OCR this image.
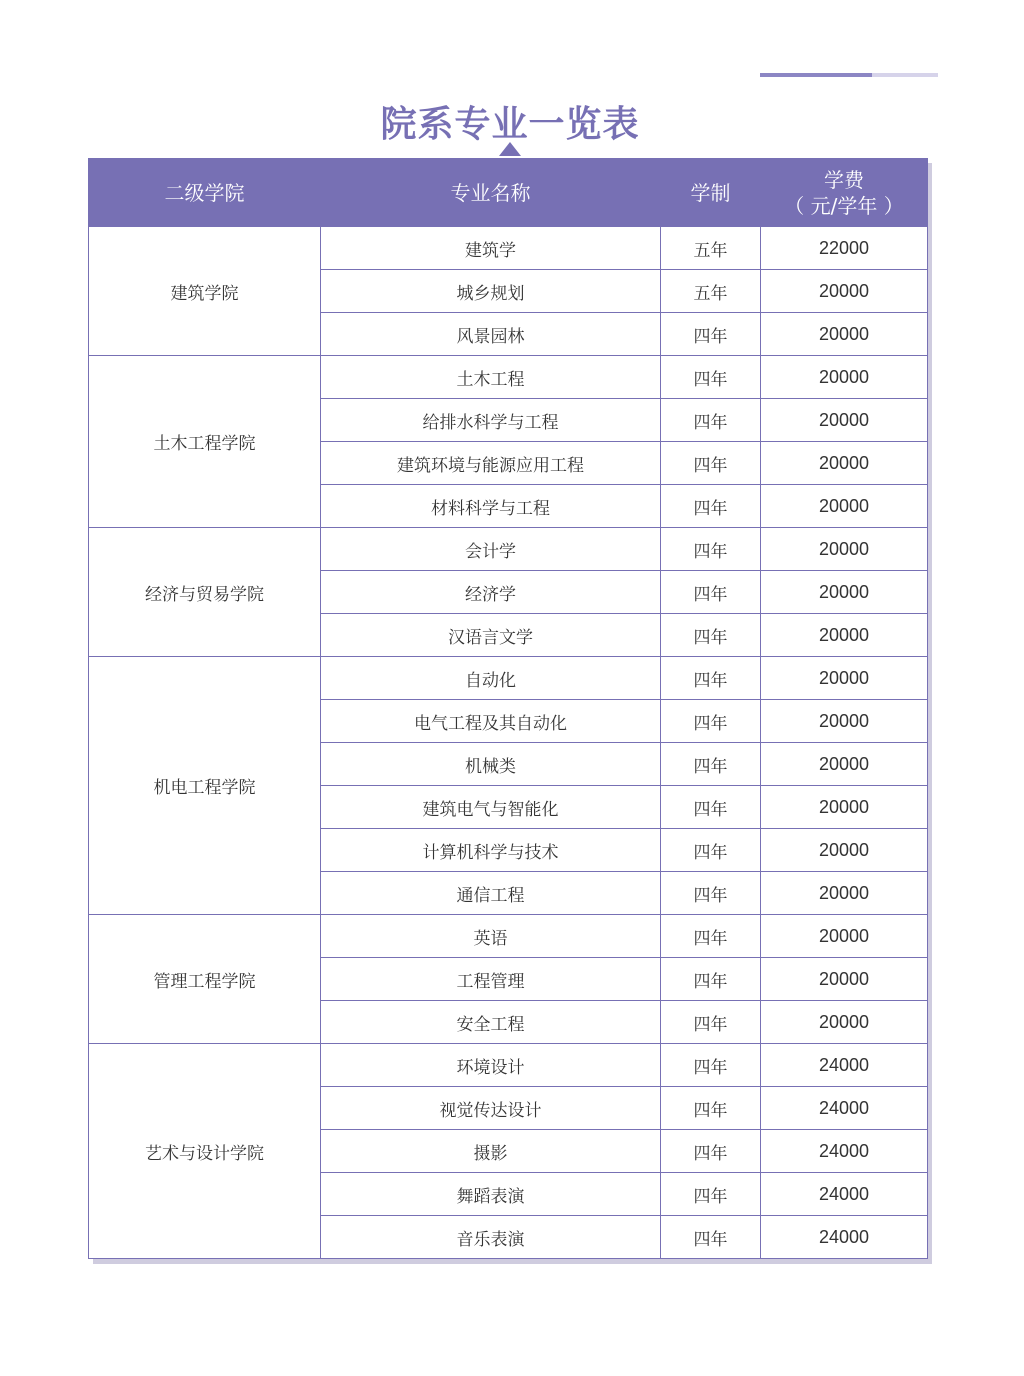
院系专业一览表
二级学院	专业名称	学制	学费
（ 元/学年 ）

建筑学院	建筑学	五年	22000
	城乡规划	五年	20000
	风景园林	四年	20000
土木工程学院	土木工程	四年	20000
	给排水科学与工程	四年	20000
	建筑环境与能源应用工程	四年	20000
	材料科学与工程	四年	20000
经济与贸易学院	会计学	四年	20000
	经济学	四年	20000
	汉语言文学	四年	20000
机电工程学院	自动化	四年	20000
	电气工程及其自动化	四年	20000
	机械类	四年	20000
	建筑电气与智能化	四年	20000
	计算机科学与技术	四年	20000
	通信工程	四年	20000
管理工程学院	英语	四年	20000
	工程管理	四年	20000
	安全工程	四年	20000
艺术与设计学院	环境设计	四年	24000
	视觉传达设计	四年	24000
	摄影	四年	24000
	舞蹈表演	四年	24000
	音乐表演	四年	24000
